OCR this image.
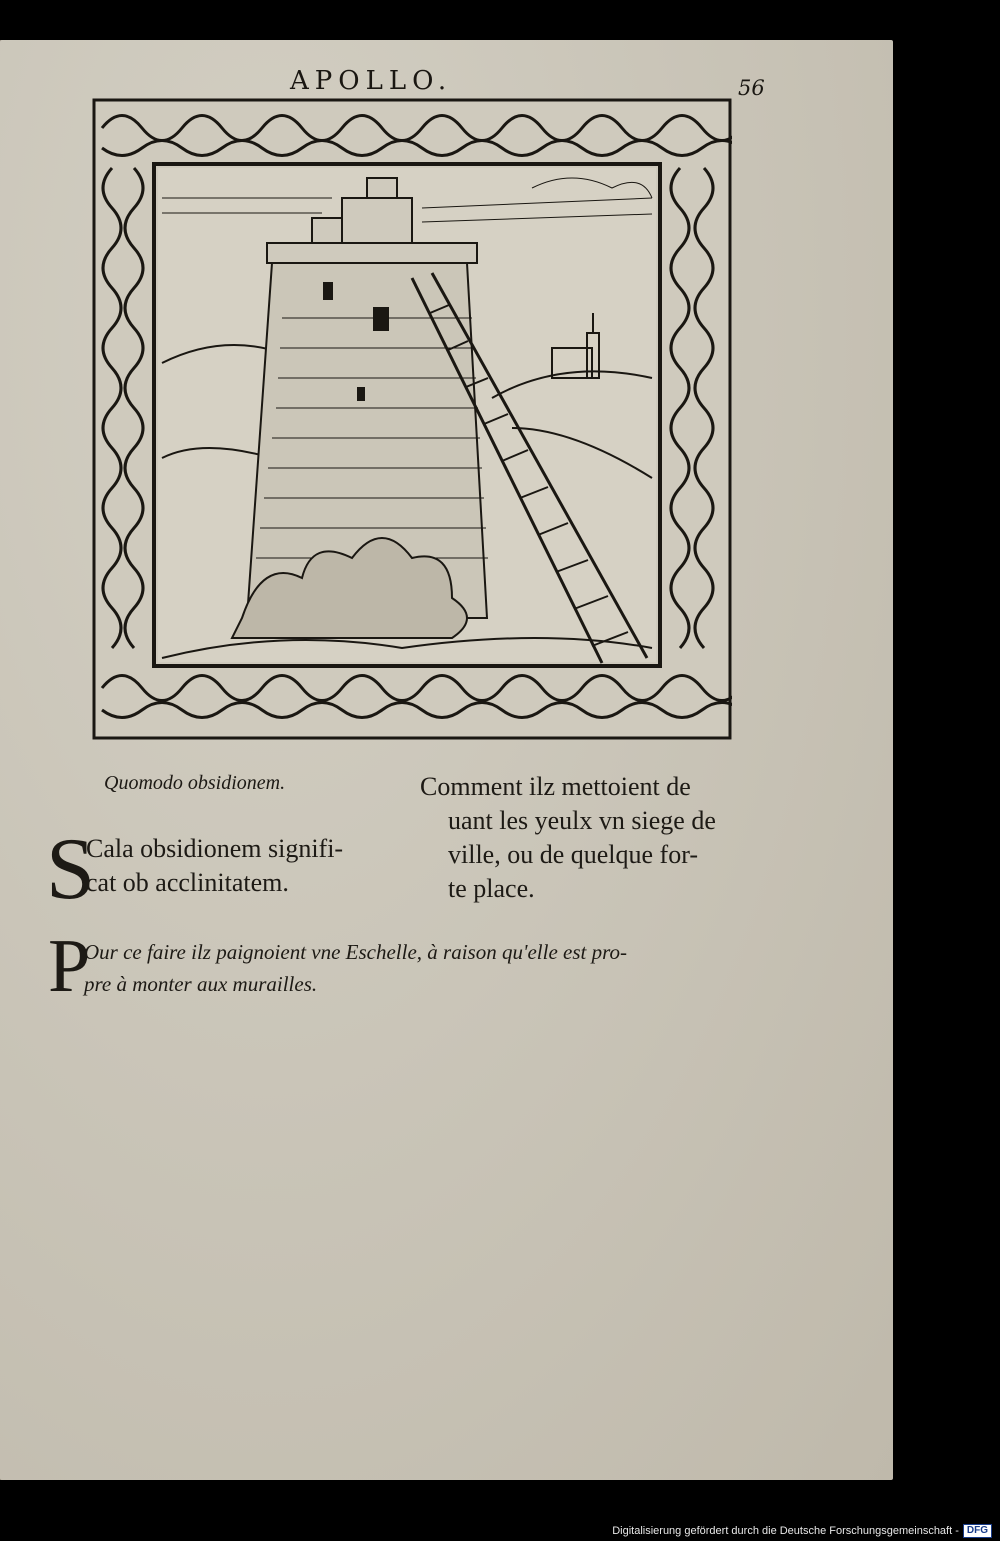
APOLLO.	56
Quomodo obsidionem.	Comment ilz mettoient de
uant les yeulx vn siege de
ville, ou de quelque for-
te place.
S
Cala obsidionem signifi-
cat ob acclinitatem.
P
Our ce faire ilz paignoient vne Eschelle, à raison qu'elle est pro-
pre à monter aux murailles.
Digitalisierung gefördert durch die Deutsche Forschungsgemeinschaft - DFG
